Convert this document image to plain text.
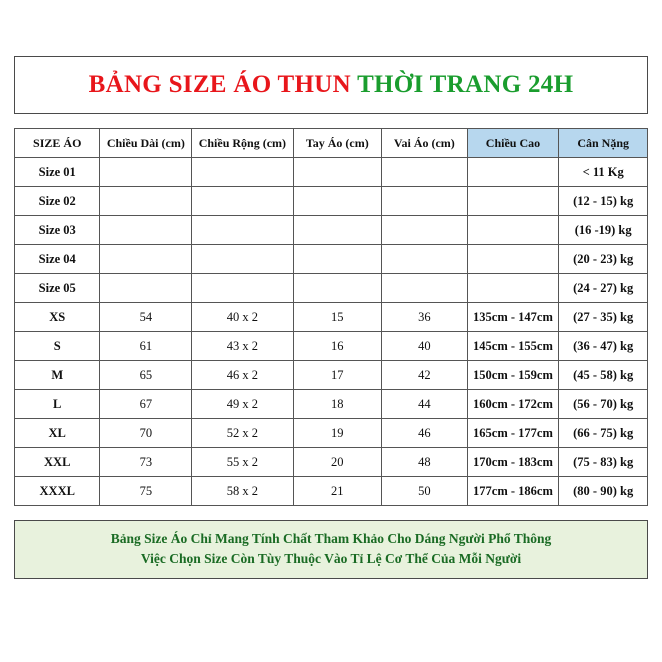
BẢNG SIZE ÁO THUN THỜI TRANG 24H
SIZE ÁO	Chiều Dài (cm)	Chiều Rộng (cm)	Tay Áo (cm)	Vai Áo (cm)	Chiều Cao	Cân Nặng
Size 01						< 11 Kg
Size 02						(12 - 15) kg
Size 03						(16 -19) kg
Size 04						(20 - 23) kg
Size 05						(24 - 27) kg
XS	54	40 x 2	15	36	135cm - 147cm	(27 - 35) kg
S	61	43 x 2	16	40	145cm - 155cm	(36 - 47) kg
M	65	46 x 2	17	42	150cm - 159cm	(45 - 58) kg
L	67	49 x 2	18	44	160cm - 172cm	(56 - 70) kg
XL	70	52 x 2	19	46	165cm - 177cm	(66 - 75) kg
XXL	73	55 x 2	20	48	170cm - 183cm	(75 - 83) kg
XXXL	75	58 x 2	21	50	177cm - 186cm	(80 - 90) kg
Bảng Size Áo Chỉ Mang Tính Chất Tham Khảo Cho Dáng Người Phổ Thông
Việc Chọn Size Còn Tùy Thuộc Vào Tỉ Lệ Cơ Thể Của Mỗi Người
